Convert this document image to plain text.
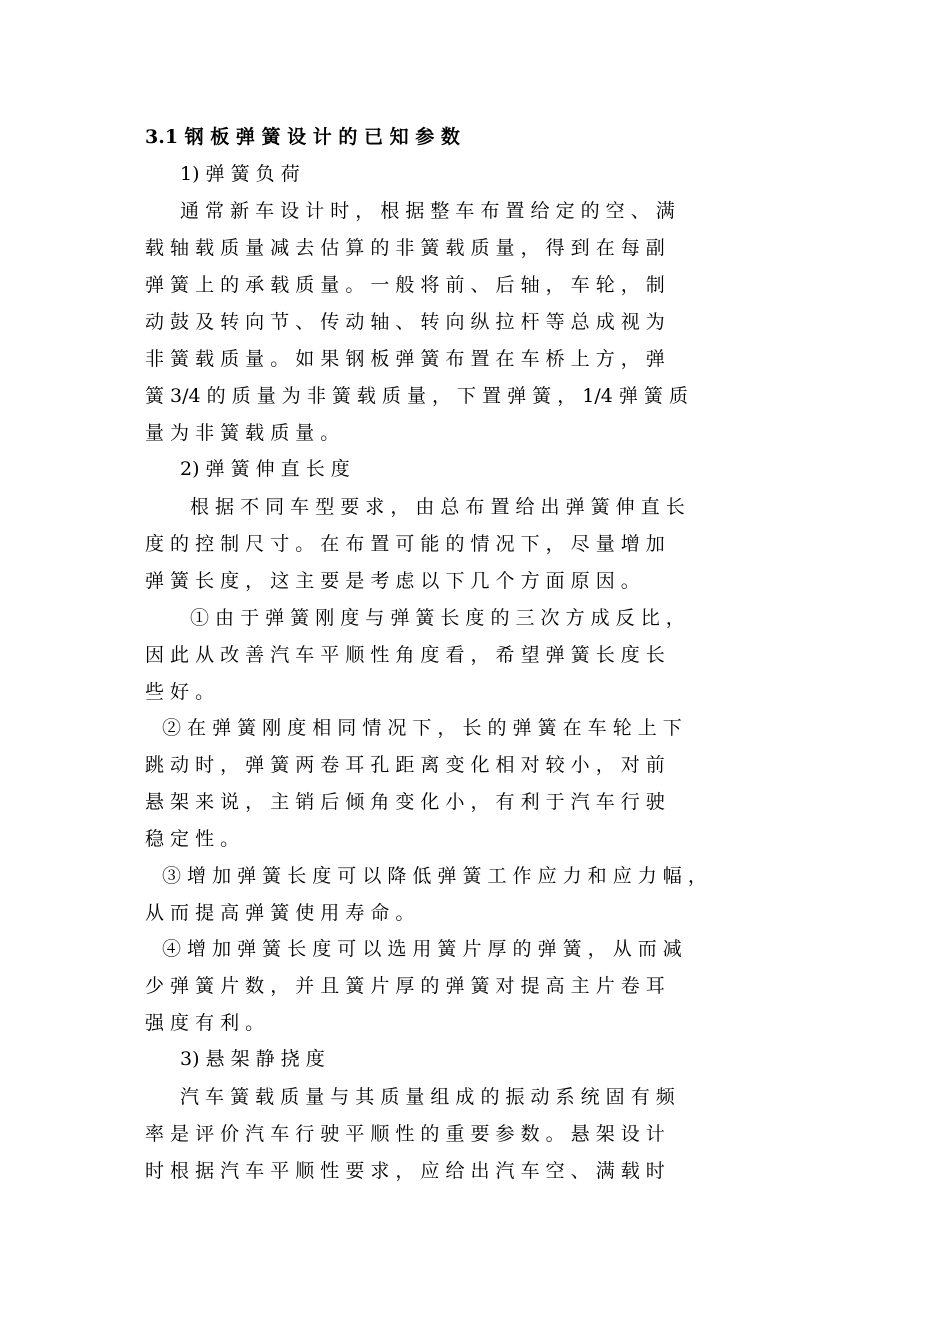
3.1 钢 板 弹 簧 设 计 的 已 知 参 数
1) 弹 簧 负 荷
通 常 新 车 设 计 时 ， 根 据 整 车 布 置 给 定 的 空 、 满
载 轴 载 质 量 减 去 估 算 的 非 簧 载 质 量 ， 得 到 在 每 副
弹 簧 上 的 承 载 质 量 。 一 般 将 前 、 后 轴 ， 车 轮 ， 制
动 鼓 及 转 向 节 、 传 动 轴 、 转 向 纵 拉 杆 等 总 成 视 为
非 簧 载 质 量 。 如 果 钢 板 弹 簧 布 置 在 车 桥 上 方 ， 弹
簧 3/4 的 质 量 为 非 簧 载 质 量 ， 下 置 弹 簧 ， 1/4 弹 簧 质
量 为 非 簧 载 质 量 。
2) 弹 簧 伸 直 长 度
根 据 不 同 车 型 要 求 ， 由 总 布 置 给 出 弹 簧 伸 直 长
度 的 控 制 尺 寸 。 在 布 置 可 能 的 情 况 下 ， 尽 量 增 加
弹 簧 长 度 ， 这 主 要 是 考 虑 以 下 几 个 方 面 原 因 。
① 由 于 弹 簧 刚 度 与 弹 簧 长 度 的 三 次 方 成 反 比 ，
因 此 从 改 善 汽 车 平 顺 性 角 度 看 ， 希 望 弹 簧 长 度 长
些 好 。
② 在 弹 簧 刚 度 相 同 情 况 下 ， 长 的 弹 簧 在 车 轮 上 下
跳 动 时 ， 弹 簧 两 卷 耳 孔 距 离 变 化 相 对 较 小 ， 对 前
悬 架 来 说 ， 主 销 后 倾 角 变 化 小 ， 有 利 于 汽 车 行 驶
稳 定 性 。
③ 增 加 弹 簧 长 度 可 以 降 低 弹 簧 工 作 应 力 和 应 力 幅 ，
从 而 提 高 弹 簧 使 用 寿 命 。
④ 增 加 弹 簧 长 度 可 以 选 用 簧 片 厚 的 弹 簧 ， 从 而 减
少 弹 簧 片 数 ， 并 且 簧 片 厚 的 弹 簧 对 提 高 主 片 卷 耳
强 度 有 利 。
3) 悬 架 静 挠 度
汽 车 簧 载 质 量 与 其 质 量 组 成 的 振 动 系 统 固 有 频
率 是 评 价 汽 车 行 驶 平 顺 性 的 重 要 参 数 。 悬 架 设 计
时 根 据 汽 车 平 顺 性 要 求 ， 应 给 出 汽 车 空 、 满 载 时
